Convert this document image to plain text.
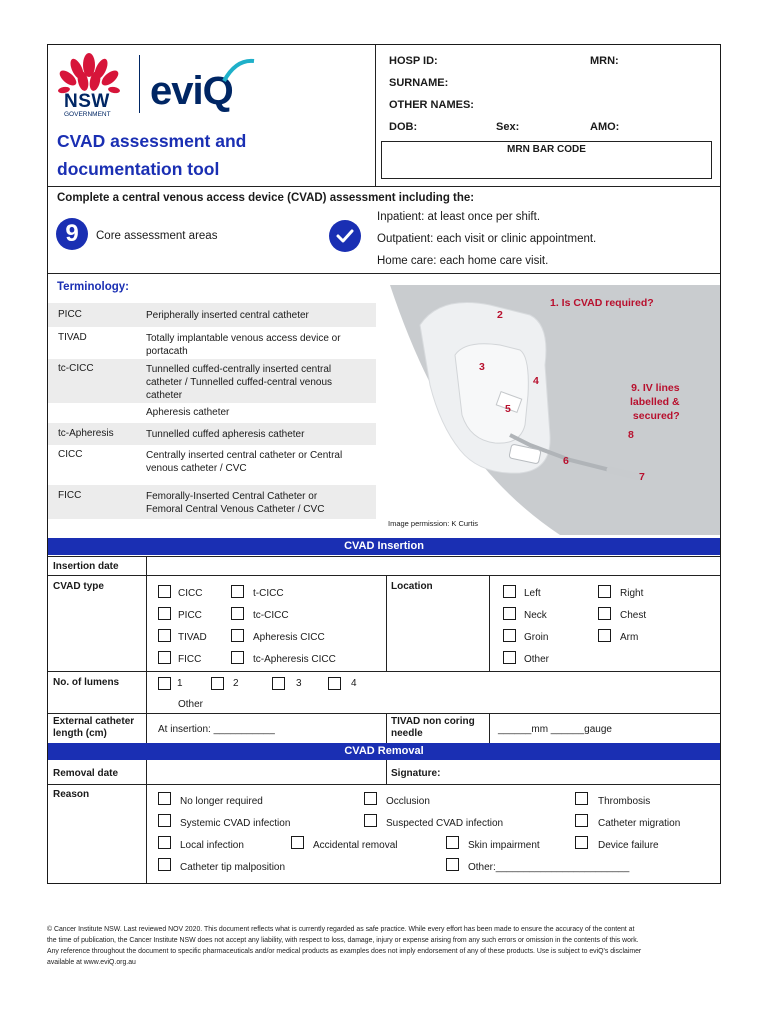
NSW
GOVERNMENT
eviQ
CVAD assessment and
documentation tool
HOSP ID:	MRN:
SURNAME:
OTHER NAMES:
DOB:	Sex:	AMO:
MRN BAR CODE
Complete a central venous access device (CVAD) assessment including the:
9	Core assessment areas
Inpatient: at least once per shift.
Outpatient: each visit or clinic appointment.
Home care: each home care visit.
Terminology:
PICC	Peripherally inserted central catheter
TIVAD	Totally implantable venous access device or portacath
tc-CICC	Tunnelled cuffed-centrally inserted central catheter / Tunnelled cuffed-central venous catheter
Apheresis catheter
tc-Apheresis	Tunnelled cuffed apheresis catheter
CICC	Centrally inserted central catheter or Central venous catheter / CVC
FICC	Femorally-Inserted Central Catheter or Femoral Central Venous Catheter / CVC
1. Is CVAD required?
9. IV lines
labelled &
secured?
2
3
4
5
8
6
7
Image permission: K Curtis
CVAD Insertion
Insertion date
CVAD type
CICC	t-CICC
PICC	tc-CICC
TIVAD	Apheresis CICC
FICC	tc-Apheresis CICC
Location
Left	Right
Neck	Chest
Groin	Arm
Other
No. of lumens	1	2	3	4
Other
External catheter
length (cm)	At insertion: ___________
TIVAD non coring
needle	______mm ______gauge
CVAD Removal
Removal date	Signature:
Reason
No longer required	Occlusion	Thrombosis
Systemic CVAD infection	Suspected CVAD infection	Catheter migration
Local infection	Accidental removal	Skin impairment	Device failure
Catheter tip malposition	Other:________________________
© Cancer Institute NSW. Last reviewed NOV 2020. This document reflects what is currently regarded as safe practice. While every effort has been made to ensure the accuracy of the content at
the time of publication, the Cancer Institute NSW does not accept any liability, with respect to loss, damage, injury or expense arising from any such errors or omission in the contents of this work.
Any reference throughout the document to specific pharmaceuticals and/or medical products as examples does not imply endorsement of any of these products. Use is subject to eviQ's disclaimer
available at www.eviQ.org.au
